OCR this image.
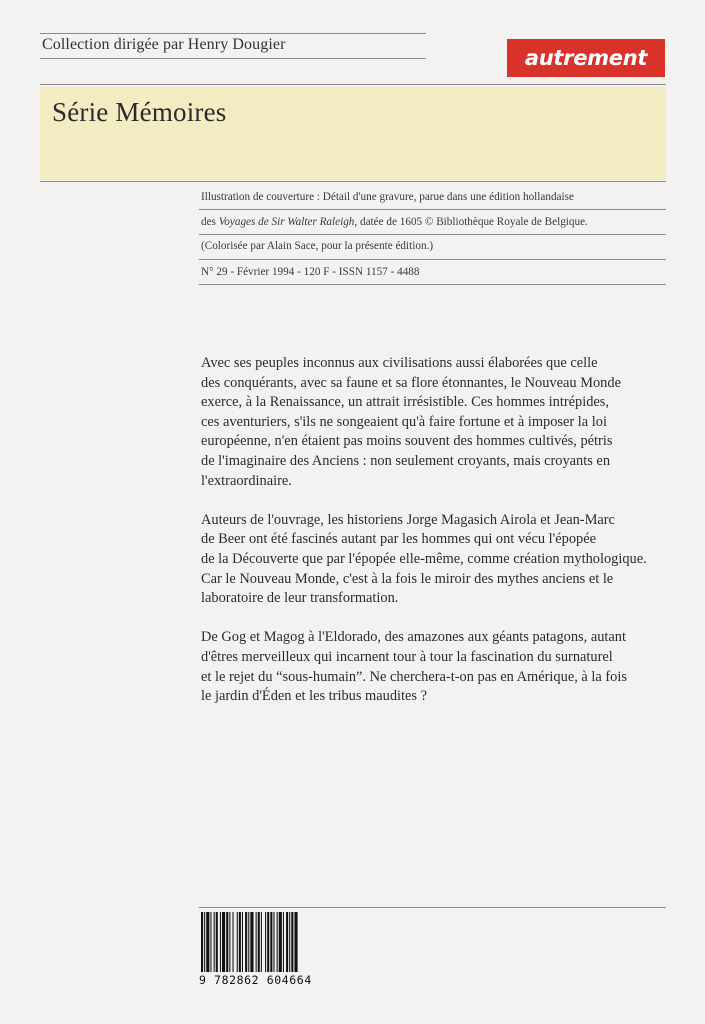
Collection dirigée par Henry Dougier
autrement
Série Mémoires
Illustration de couverture : Détail d'une gravure, parue dans une édition hollandaise
des Voyages de Sir Walter Raleigh, datée de 1605 © Bibliothèque Royale de Belgique.
(Colorisée par Alain Sace, pour la présente édition.)
N° 29 - Février 1994 - 120 F - ISSN 1157 - 4488

Avec ses peuples inconnus aux civilisations aussi élaborées que celle
des conquérants, avec sa faune et sa flore étonnantes, le Nouveau Monde
exerce, à la Renaissance, un attrait irrésistible. Ces hommes intrépides,
ces aventuriers, s'ils ne songeaient qu'à faire fortune et à imposer la loi
européenne, n'en étaient pas moins souvent des hommes cultivés, pétris
de l'imaginaire des Anciens : non seulement croyants, mais croyants en
l'extraordinaire.

Auteurs de l'ouvrage, les historiens Jorge Magasich Airola et Jean-Marc
de Beer ont été fascinés autant par les hommes qui ont vécu l'épopée
de la Découverte que par l'épopée elle-même, comme création mythologique.
Car le Nouveau Monde, c'est à la fois le miroir des mythes anciens et le
laboratoire de leur transformation.

De Gog et Magog à l'Eldorado, des amazones aux géants patagons, autant
d'êtres merveilleux qui incarnent tour à tour la fascination du surnaturel
et le rejet du “sous-humain”. Ne cherchera-t-on pas en Amérique, à la fois
le jardin d'Éden et les tribus maudites ?

9 782862 604664
